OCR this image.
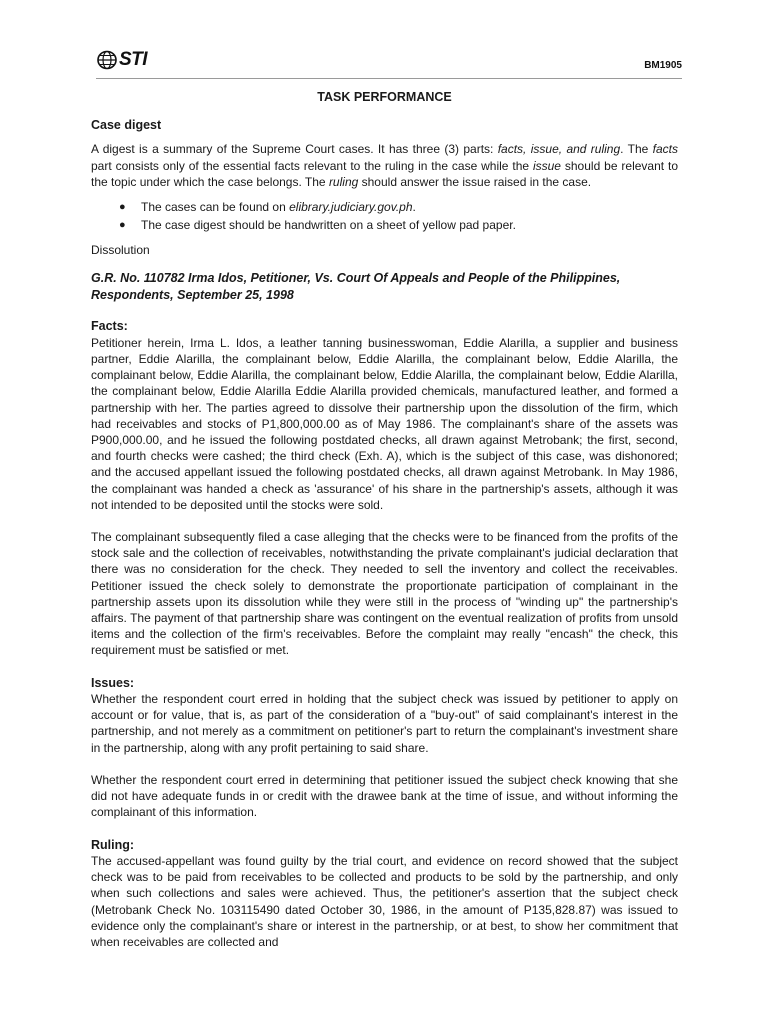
STI	BM1905
TASK PERFORMANCE
Case digest

A digest is a summary of the Supreme Court cases. It has three (3) parts: facts, issue, and ruling. The facts part consists only of the essential facts relevant to the ruling in the case while the issue should be relevant to the topic under which the case belongs. The ruling should answer the issue raised in the case.

● The cases can be found on elibrary.judiciary.gov.ph.
● The case digest should be handwritten on a sheet of yellow pad paper.
Dissolution
G.R. No. 110782 Irma Idos, Petitioner, Vs. Court Of Appeals and People of the Philippines, Respondents, September 25, 1998
Facts:

Petitioner herein, Irma L. Idos, a leather tanning businesswoman, Eddie Alarilla, a supplier and business partner, Eddie Alarilla, the complainant below, Eddie Alarilla, the complainant below, Eddie Alarilla, the complainant below, Eddie Alarilla, the complainant below, Eddie Alarilla, the complainant below, Eddie Alarilla, the complainant below, Eddie Alarilla Eddie Alarilla provided chemicals, manufactured leather, and formed a partnership with her. The parties agreed to dissolve their partnership upon the dissolution of the firm, which had receivables and stocks of P1,800,000.00 as of May 1986. The complainant's share of the assets was P900,000.00, and he issued the following postdated checks, all drawn against Metrobank; the first, second, and fourth checks were cashed; the third check (Exh. A), which is the subject of this case, was dishonored; and the accused appellant issued the following postdated checks, all drawn against Metrobank. In May 1986, the complainant was handed a check as 'assurance' of his share in the partnership's assets, although it was not intended to be deposited until the stocks were sold.

The complainant subsequently filed a case alleging that the checks were to be financed from the profits of the stock sale and the collection of receivables, notwithstanding the private complainant's judicial declaration that there was no consideration for the check. They needed to sell the inventory and collect the receivables. Petitioner issued the check solely to demonstrate the proportionate participation of complainant in the partnership assets upon its dissolution while they were still in the process of "winding up" the partnership's affairs. The payment of that partnership share was contingent on the eventual realization of profits from unsold items and the collection of the firm's receivables. Before the complaint may really "encash" the check, this requirement must be satisfied or met.

Issues:

Whether the respondent court erred in holding that the subject check was issued by petitioner to apply on account or for value, that is, as part of the consideration of a "buy-out" of said complainant's interest in the partnership, and not merely as a commitment on petitioner's part to return the complainant's investment share in the partnership, along with any profit pertaining to said share.

Whether the respondent court erred in determining that petitioner issued the subject check knowing that she did not have adequate funds in or credit with the drawee bank at the time of issue, and without informing the complainant of this information.

Ruling:

The accused-appellant was found guilty by the trial court, and evidence on record showed that the subject check was to be paid from receivables to be collected and products to be sold by the partnership, and only when such collections and sales were achieved. Thus, the petitioner's assertion that the subject check (Metrobank Check No. 103115490 dated October 30, 1986, in the amount of P135,828.87) was issued to evidence only the complainant's share or interest in the partnership, or at best, to show her commitment that when receivables are collected and
